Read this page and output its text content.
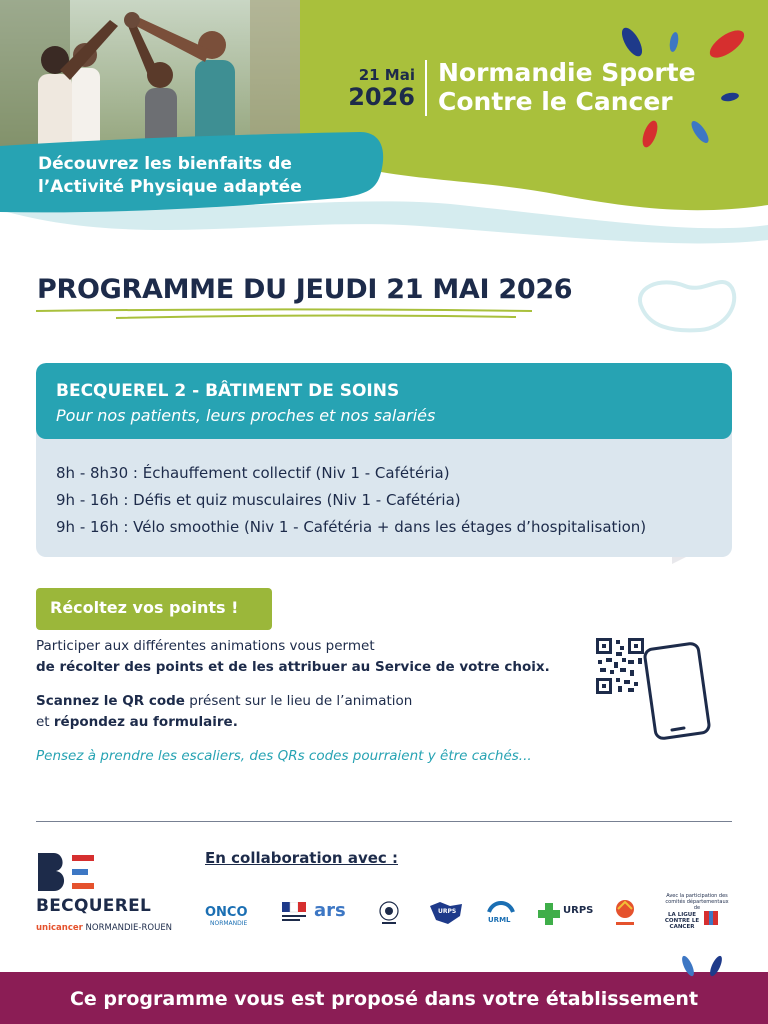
Découvrez les bienfaits de
l’Activité Physique adaptée
21 Mai
2026
Normandie Sporte
Contre le Cancer
PROGRAMME DU JEUDI 21 MAI 2026
BECQUEREL 2 - BÂTIMENT DE SOINS
Pour nos patients, leurs proches et nos salariés
8h - 8h30 : Échauffement collectif (Niv 1 - Cafétéria)
9h - 16h : Défis et quiz musculaires (Niv 1 - Cafétéria)
9h - 16h : Vélo smoothie (Niv 1 - Cafétéria + dans les étages d’hospitalisation)
Récoltez vos points !
Participer aux différentes animations vous permet
de récolter des points et de les attribuer au Service de votre choix.
Scannez le QR code présent sur le lieu de l’animation
et répondez au formulaire.
Pensez à prendre les escaliers, des QRs codes pourraient y être cachés...
BECQUEREL
unicancer NORMANDIE-ROUEN
En collaboration avec :
ONCO
NORMANDIE
ars	URPS
URML
URPS
Avec la participation des comités départementaux de
LA LIGUE CONTRE LE CANCER
Ce programme vous est proposé dans votre établissement
